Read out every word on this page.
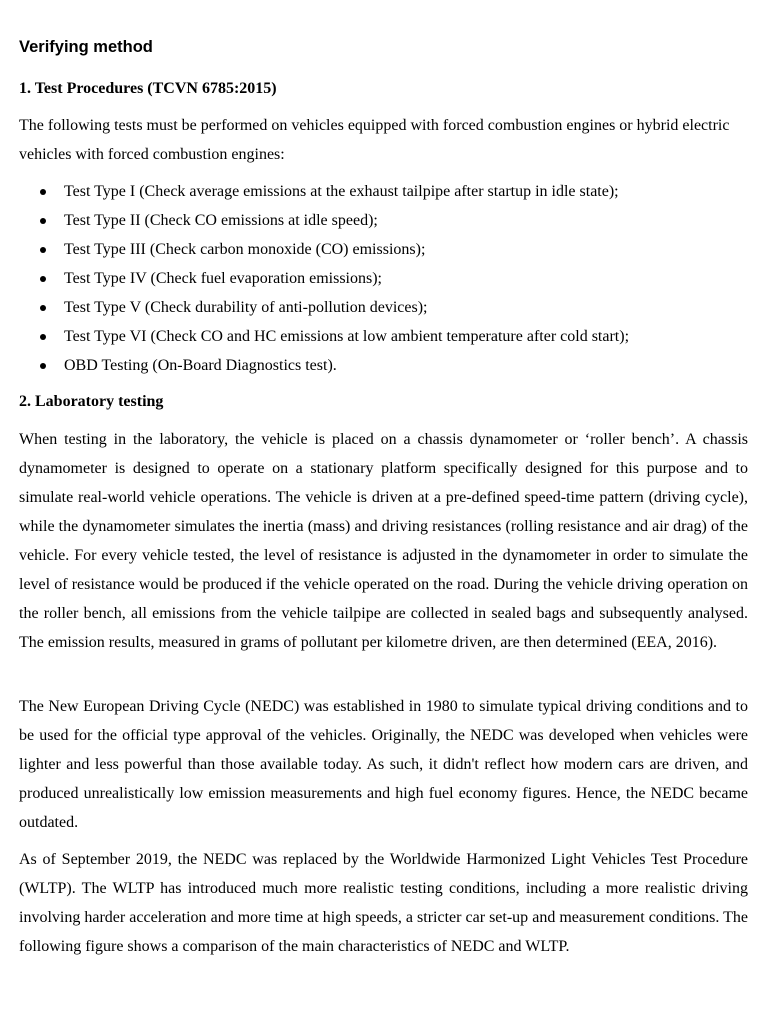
Verifying method

1. Test Procedures (TCVN 6785:2015)

The following tests must be performed on vehicles equipped with forced combustion engines or hybrid electric vehicles with forced combustion engines:

Test Type I (Check average emissions at the exhaust tailpipe after startup in idle state);
Test Type II (Check CO emissions at idle speed);
Test Type III (Check carbon monoxide (CO) emissions);
Test Type IV (Check fuel evaporation emissions);
Test Type V (Check durability of anti-pollution devices);
Test Type VI (Check CO and HC emissions at low ambient temperature after cold start);
OBD Testing (On-Board Diagnostics test).

2. Laboratory testing

When testing in the laboratory, the vehicle is placed on a chassis dynamometer or ‘roller bench’. A chassis dynamometer is designed to operate on a stationary platform specifically designed for this purpose and to simulate real-world vehicle operations. The vehicle is driven at a pre-defined speed-time pattern (driving cycle), while the dynamometer simulates the inertia (mass) and driving resistances (rolling resistance and air drag) of the vehicle. For every vehicle tested, the level of resistance is adjusted in the dynamometer in order to simulate the level of resistance would be produced if the vehicle operated on the road. During the vehicle driving operation on the roller bench, all emissions from the vehicle tailpipe are collected in sealed bags and subsequently analysed. The emission results, measured in grams of pollutant per kilometre driven, are then determined (EEA, 2016).

The New European Driving Cycle (NEDC) was established in 1980 to simulate typical driving conditions and to be used for the official type approval of the vehicles. Originally, the NEDC was developed when vehicles were lighter and less powerful than those available today. As such, it didn't reflect how modern cars are driven, and produced unrealistically low emission measurements and high fuel economy figures. Hence, the NEDC became outdated.

As of September 2019, the NEDC was replaced by the Worldwide Harmonized Light Vehicles Test Procedure (WLTP). The WLTP has introduced much more realistic testing conditions, including a more realistic driving involving harder acceleration and more time at high speeds, a stricter car set-up and measurement conditions. The following figure shows a comparison of the main characteristics of NEDC and WLTP.
